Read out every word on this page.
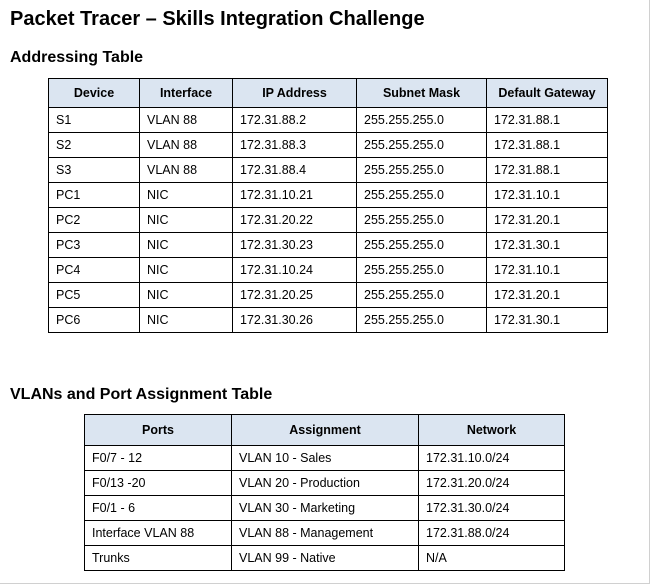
Packet Tracer – Skills Integration Challenge
Addressing Table
Device	Interface	IP Address	Subnet Mask	Default Gateway
S1	VLAN 88	172.31.88.2	255.255.255.0	172.31.88.1
S2	VLAN 88	172.31.88.3	255.255.255.0	172.31.88.1
S3	VLAN 88	172.31.88.4	255.255.255.0	172.31.88.1
PC1	NIC	172.31.10.21	255.255.255.0	172.31.10.1
PC2	NIC	172.31.20.22	255.255.255.0	172.31.20.1
PC3	NIC	172.31.30.23	255.255.255.0	172.31.30.1
PC4	NIC	172.31.10.24	255.255.255.0	172.31.10.1
PC5	NIC	172.31.20.25	255.255.255.0	172.31.20.1
PC6	NIC	172.31.30.26	255.255.255.0	172.31.30.1
VLANs and Port Assignment Table
Ports	Assignment	Network
F0/7 - 12	VLAN 10 - Sales	172.31.10.0/24
F0/13 -20	VLAN 20 - Production	172.31.20.0/24
F0/1 - 6	VLAN 30 - Marketing	172.31.30.0/24
Interface VLAN 88	VLAN 88 - Management	172.31.88.0/24
Trunks	VLAN 99 - Native	N/A
